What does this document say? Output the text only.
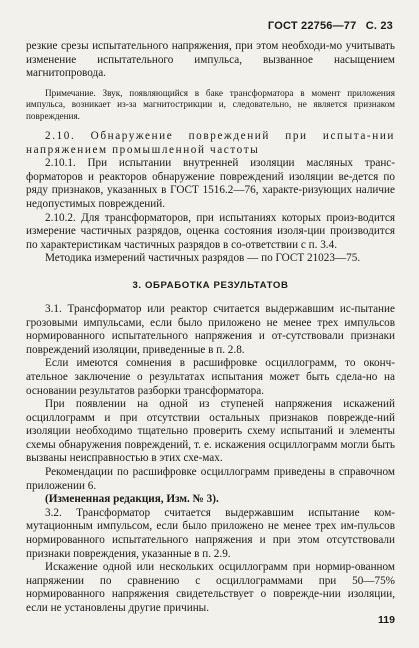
ГОСТ 22756—77 С. 23

резкие срезы испытательного напряжения, при этом необходи-мо учитывать изменение испытательного импульса, вызванное насыщением магнитопровода.

Примечание. Звук, появляющийся в баке трансформатора в момент приложения импульса, возникает из-за магнитострикции и, следовательно, не является признаком повреждения.

2.10. Обнаружение повреждений при испыта-нии напряжением промышленной частоты

2.10.1. При испытании внутренней изоляции масляных транс-форматоров и реакторов обнаружение повреждений изоляции ве-дется по ряду признаков, указанных в ГОСТ 1516.2—76, характе-ризующих наличие недопустимых повреждений.

2.10.2. Для трансформаторов, при испытаниях которых произ-водится измерение частичных разрядов, оценка состояния изоля-ции производится по характеристикам частичных разрядов в со-ответствии с п. 3.4.

Методика измерений частичных разрядов — по ГОСТ 21023—75.

3. ОБРАБОТКА РЕЗУЛЬТАТОВ

3.1. Трансформатор или реактор считается выдержавшим ис-пытание грозовыми импульсами, если было приложено не менее трех импульсов нормированного испытательного напряжения и от-сутствовали признаки повреждений изоляции, приведенные в п. 2.8.

Если имеются сомнения в расшифровке осциллограмм, то оконч-ательное заключение о результатах испытания может быть сдела-но на основании результатов разборки трансформатора.

При появлении на одной из ступеней напряжения искажений осциллограмм и при отсутствии остальных признаков поврежде-ний изоляции необходимо тщательно проверить схему испытаний и элементы схемы обнаружения повреждений, т. е. искажения осциллограмм могли быть вызваны неисправностью в этих схе-мах.

Рекомендации по расшифровке осциллограмм приведены в справочном приложении 6.

(Измененная редакция, Изм. № 3).

3.2. Трансформатор считается выдержавшим испытание ком-мутационным импульсом, если было приложено не менее трех им-пульсов нормированного испытательного напряжения и при этом отсутствовали признаки повреждения, указанные в п. 2.9.

Искажение одной или нескольких осциллограмм при нормир-ованном напряжении по сравнению с осциллограммами при 50—75% нормированного напряжения свидетельствует о поврежде-нии изоляции, если не установлены другие причины.

119
